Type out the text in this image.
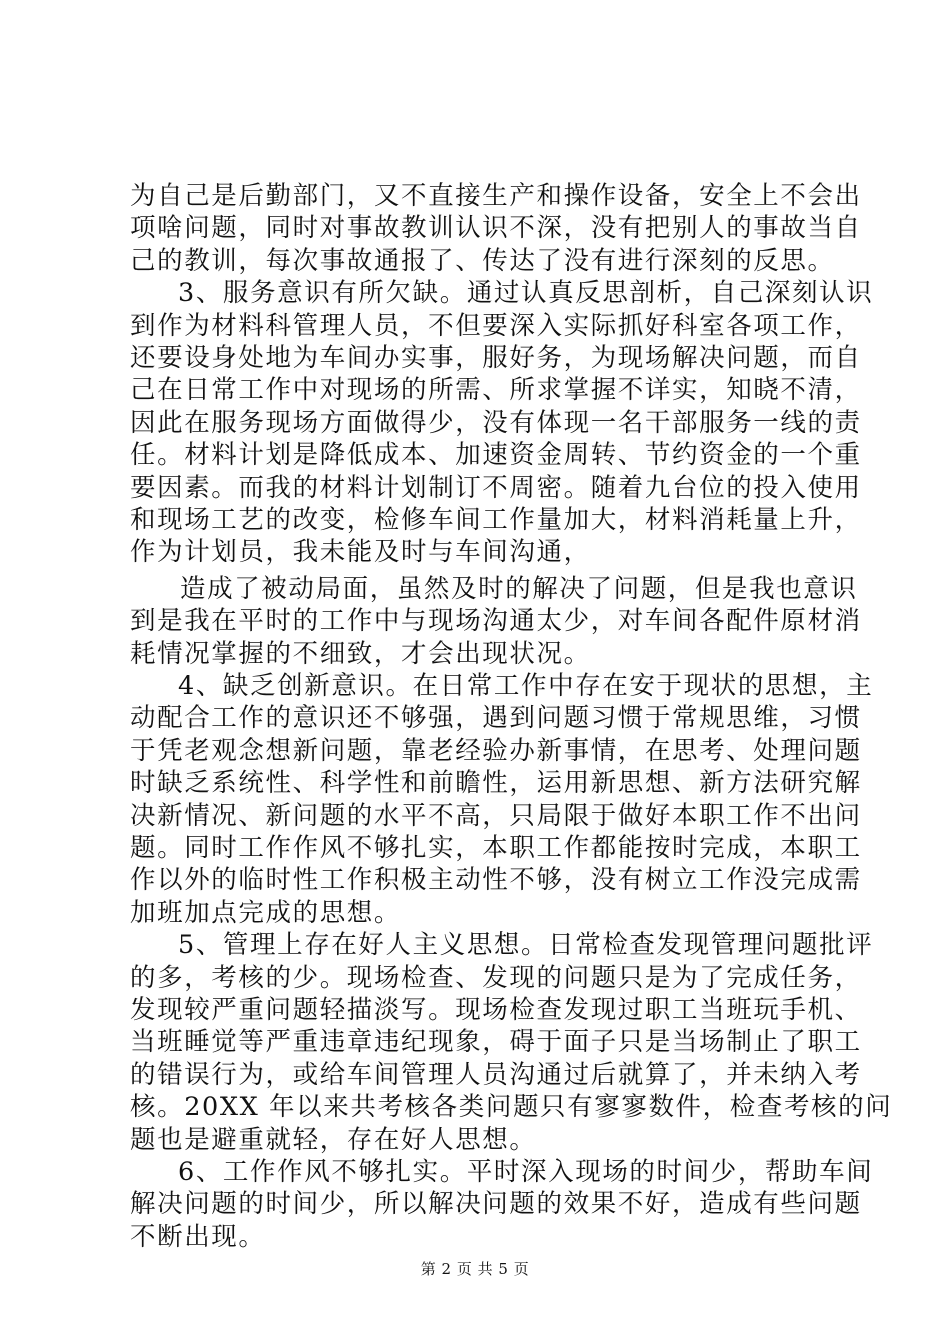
为自己是后勤部门，又不直接生产和操作设备，安全上不会出
项啥问题，同时对事故教训认识不深，没有把别人的事故当自
己的教训，每次事故通报了、传达了没有进行深刻的反思。
3、服务意识有所欠缺。通过认真反思剖析，自己深刻认识
到作为材料科管理人员，不但要深入实际抓好科室各项工作，
还要设身处地为车间办实事，服好务，为现场解决问题，而自
己在日常工作中对现场的所需、所求掌握不详实，知晓不清，
因此在服务现场方面做得少，没有体现一名干部服务一线的责
任。材料计划是降低成本、加速资金周转、节约资金的一个重
要因素。而我的材料计划制订不周密。随着九台位的投入使用
和现场工艺的改变，检修车间工作量加大，材料消耗量上升，
作为计划员，我未能及时与车间沟通，
造成了被动局面，虽然及时的解决了问题，但是我也意识
到是我在平时的工作中与现场沟通太少，对车间各配件原材消
耗情况掌握的不细致，才会出现状况。
4、缺乏创新意识。在日常工作中存在安于现状的思想，主
动配合工作的意识还不够强，遇到问题习惯于常规思维，习惯
于凭老观念想新问题，靠老经验办新事情，在思考、处理问题
时缺乏系统性、科学性和前瞻性，运用新思想、新方法研究解
决新情况、新问题的水平不高，只局限于做好本职工作不出问
题。同时工作作风不够扎实，本职工作都能按时完成，本职工
作以外的临时性工作积极主动性不够，没有树立工作没完成需
加班加点完成的思想。
5、管理上存在好人主义思想。日常检查发现管理问题批评
的多，考核的少。现场检查、发现的问题只是为了完成任务，
发现较严重问题轻描淡写。现场检查发现过职工当班玩手机、
当班睡觉等严重违章违纪现象，碍于面子只是当场制止了职工
的错误行为，或给车间管理人员沟通过后就算了，并未纳入考
核。20XX 年以来共考核各类问题只有寥寥数件，检查考核的问
题也是避重就轻，存在好人思想。
6、工作作风不够扎实。平时深入现场的时间少，帮助车间
解决问题的时间少，所以解决问题的效果不好，造成有些问题
不断出现。
第 2 页 共 5 页
